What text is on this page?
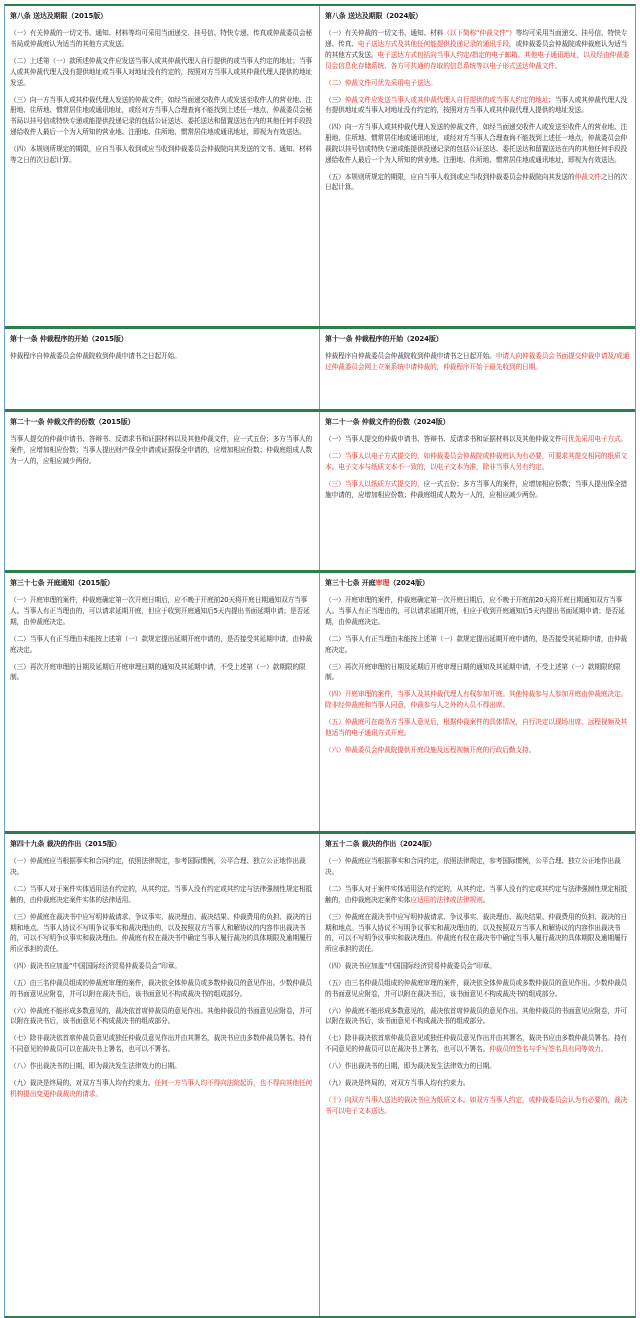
第八条 送达及期限（2015版）
（一）有关仲裁的一切文书、通知、材料等均可采用当面递交、挂号信、特快专递、传真或仲裁委员会秘书局或仲裁庭认为适当的其他方式发送。
（二）上述第（一）款所述仲裁文件应发送当事人或其仲裁代理人自行提供的或当事人约定的地址；当事人或其仲裁代理人没有提供地址或当事人对地址没有约定的，按照对方当事人或其仲裁代理人提供的地址发送。
（三）向一方当事人或其仲裁代理人发送的仲裁文件，如经当面递交收件人或发送至收件人的营业地、注册地、住所地、惯常居住地或通讯地址，或经对方当事人合理查询不能找到上述任一地点，仲裁委员会秘书局以挂号信或特快专递或能提供投递记录的包括公证送达、委托送达和留置送达在内的其他任何手段投递给收件人最后一个为人所知的营业地、注册地、住所地、惯常居住地或通讯地址，即视为有效送达。
（四）本规则所规定的期限，应自当事人收到或应当收到仲裁委员会仲裁院向其发送的文书、通知、材料等之日的次日起计算。
第八条 送达及期限（2024版）
（一）有关仲裁的一切文书、通知、材料（以下简称“仲裁文件”）等均可采用当面递交、挂号信、特快专递、传真、电子送达方式及其他任何能提供投递记录的通讯手段，或仲裁委员会仲裁院或仲裁庭认为适当的其他方式发送。电子送达方式包括向当事人约定/指定的电子邮箱、其他电子通讯地址，以及经由仲裁委员会信息化存储系统、各方可共通的存取的信息系统等以电子形式送达仲裁文件。
（二）仲裁文件可优先采用电子送达。
（三）仲裁文件应发送当事人或其仲裁代理人自行提供的或当事人约定的地址；当事人或其仲裁代理人没有提供地址或当事人对地址没有约定的，按照对方当事人或其仲裁代理人提供的地址发送。
（四）向一方当事人或其仲裁代理人发送的仲裁文件，如经当面递交收件人或发送至收件人的营业地、注册地、住所地、惯常居住地或通讯地址，或经对方当事人合理查询不能找到上述任一地点，仲裁委员会仲裁院以挂号信或特快专递或能提供投递记录的包括公证送达、委托送达和留置送达在内的其他任何手段投递给收件人最后一个为人所知的营业地、注册地、住所地、惯常居住地或通讯地址，即视为有效送达。
（五）本规则所规定的期限，应自当事人收到或应当收到仲裁委员会仲裁院向其发送的仲裁文件之日的次日起计算。
第十一条 仲裁程序的开始（2015版）
仲裁程序自仲裁委员会仲裁院收到仲裁申请书之日起开始。
第十一条 仲裁程序的开始（2024版）
仲裁程序自仲裁委员会仲裁院收到仲裁申请书之日起开始。申请人向仲裁委员会书面提交仲裁申请及/或通过仲裁委员会网上立案系统申请仲裁的，仲裁程序开始于最先收到的日期。
第二十一条 仲裁文件的份数（2015版）
当事人提交的仲裁申请书、答辩书、反请求书和证据材料以及其他仲裁文件，应一式五份；多方当事人的案件，应增加相应份数；当事人提出财产保全申请或证据保全申请的，应增加相应份数；仲裁庭组成人数为一人的，应相应减少两份。
第二十一条 仲裁文件的份数（2024版）
（一）当事人提交的仲裁申请书、答辩书、反请求书和证据材料以及其他仲裁文件可优先采用电子方式。
（二）当事人以电子方式提交的，如仲裁委员会仲裁院或仲裁庭认为有必要，可要求其提交相同的纸质文本。电子文本与纸质文本不一致的，以电子文本为准，除非当事人另有约定。
（三）当事人以纸质方式提交的，应一式五份；多方当事人的案件，应增加相应份数；当事人提出保全措施申请的，应增加相应份数；仲裁庭组成人数为一人的，应相应减少两份。
第三十七条 开庭通知（2015版）
（一）开庭审理的案件，仲裁庭确定第一次开庭日期后，应不晚于开庭前20天将开庭日期通知双方当事人。当事人有正当理由的，可以请求延期开庭，但应于收到开庭通知后5天内提出书面延期申请；是否延期，由仲裁庭决定。
（二）当事人有正当理由未能按上述第（一）款规定提出延期开庭申请的，是否接受其延期申请，由仲裁庭决定。
（三）再次开庭审理的日期及延期后开庭审理日期的通知及其延期申请，不受上述第（一）款期限的限制。
第三十七条 开庭审理（2024版）
（一）开庭审理的案件，仲裁庭确定第一次开庭日期后，应不晚于开庭前20天将开庭日期通知双方当事人。当事人有正当理由的，可以请求延期开庭，但应于收到开庭通知后5天内提出书面延期申请；是否延期，由仲裁庭决定。
（二）当事人有正当理由未能按上述第（一）款规定提出延期开庭申请的，是否接受其延期申请，由仲裁庭决定。
（三）再次开庭审理的日期及延期后开庭审理日期的通知及其延期申请，不受上述第（一）款期限的限制。
（四）开庭审理的案件，当事人及其仲裁代理人有权参加开庭。其他仲裁参与人参加开庭由仲裁庭决定。除非经仲裁庭和当事人同意，仲裁参与人之外的人员不得出席。
（五）仲裁庭可在商务方当事人意见后，根据仲裁案件的具体情况，自行决定以现场出席、远程视频及其他适当的电子通讯方式开庭。
（六）仲裁委员会仲裁院提供开庭设施及远程视频开庭的行政后勤支持。
第四十九条 裁决的作出（2015版）
（一）仲裁庭应当根据事实和合同约定，依照法律规定，参考国际惯例，公平合理、独立公正地作出裁决。
（二）当事人对于案件实体适用法有约定的，从其约定。当事人没有约定或其约定与法律强制性规定相抵触的，由仲裁庭决定案件实体的法律适用。
（三）仲裁庭在裁决书中应写明仲裁请求、争议事实、裁决理由、裁决结果、仲裁费用的负担、裁决的日期和地点。当事人协议不写明争议事实和裁决理由的，以及按照双方当事人和解协议的内容作出裁决书的，可以不写明争议事实和裁决理由。仲裁庭有权在裁决书中确定当事人履行裁决的具体期限及逾期履行所应承担的责任。
（四）裁决书应加盖“中国国际经济贸易仲裁委员会”印章。
（五）由三名仲裁员组成的仲裁庭审理的案件，裁决依全体仲裁员或多数仲裁员的意见作出。少数仲裁员的书面意见应附卷，并可以附在裁决书后，该书面意见不构成裁决书的组成部分。
（六）仲裁庭不能形成多数意见的，裁决依首席仲裁员的意见作出。其他仲裁员的书面意见应附卷，并可以附在裁决书后，该书面意见不构成裁决书的组成部分。
（七）除非裁决依首席仲裁员意见或独任仲裁员意见作出并由其署名，裁决书应由多数仲裁员署名。持有不同意见的仲裁员可以在裁决书上署名，也可以不署名。
（八）作出裁决书的日期，即为裁决发生法律效力的日期。
（九）裁决是终局的，对双方当事人均有约束力。任何一方当事人均不得向法院起诉，也不得向其他任何机构提出变更仲裁裁决的请求。
第五十二条 裁决的作出（2024版）
（一）仲裁庭应当根据事实和合同约定，依照法律规定，参考国际惯例，公平合理、独立公正地作出裁决。
（二）当事人对于案件实体适用法有约定的，从其约定。当事人没有约定或其约定与法律强制性规定相抵触的，由仲裁庭决定案件实体应适用的法律或法律规则。
（三）仲裁庭在裁决书中应写明仲裁请求、争议事实、裁决理由、裁决结果、仲裁费用的负担、裁决的日期和地点。当事人协议不写明争议事实和裁决理由的，以及按照双方当事人和解协议的内容作出裁决书的，可以不写明争议事实和裁决理由。仲裁庭有权在裁决书中确定当事人履行裁决的具体期限及逾期履行所应承担的责任。
（四）裁决书应加盖“中国国际经济贸易仲裁委员会”印章。
（五）由三名仲裁员组成的仲裁庭审理的案件，裁决依全体仲裁员或多数仲裁员的意见作出。少数仲裁员的书面意见应附卷，并可以附在裁决书后，该书面意见不构成裁决书的组成部分。
（六）仲裁庭不能形成多数意见的，裁决依首席仲裁员的意见作出。其他仲裁员的书面意见应附卷，并可以附在裁决书后，该书面意见不构成裁决书的组成部分。
（七）除非裁决依首席仲裁员意见或独任仲裁员意见作出并由其署名，裁决书应由多数仲裁员署名。持有不同意见的仲裁员可以在裁决书上署名，也可以不署名。仲裁员的签名与手写签名具有同等效力。
（八）作出裁决书的日期，即为裁决发生法律效力的日期。
（九）裁决是终局的，对双方当事人均有约束力。
（十）向双方当事人送达的裁决书应为纸质文本。如双方当事人约定，或仲裁委员会认为有必要的，裁决书可以电子文本送达。
